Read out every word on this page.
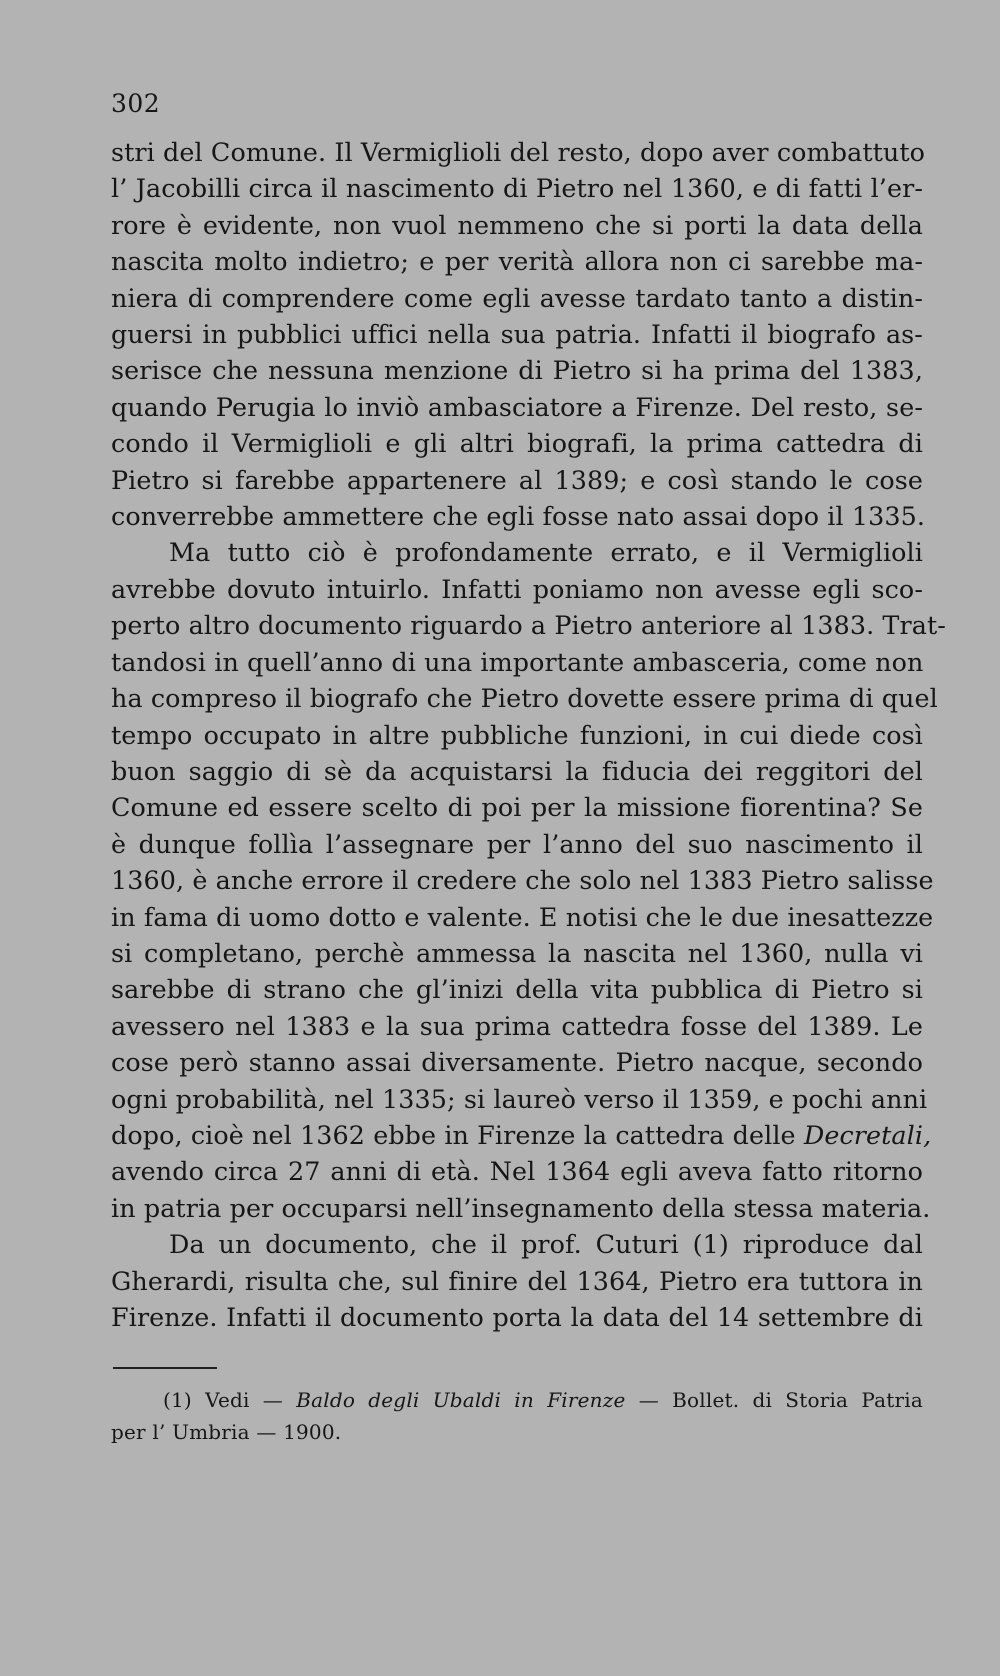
302
stri del Comune. Il Vermiglioli del resto, dopo aver combattuto
l’ Jacobilli circa il nascimento di Pietro nel 1360, e di fatti l’er-
rore è evidente, non vuol nemmeno che si porti la data della
nascita molto indietro; e per verità allora non ci sarebbe ma-
niera di comprendere come egli avesse tardato tanto a distin-
guersi in pubblici uffici nella sua patria. Infatti il biografo as-
serisce che nessuna menzione di Pietro si ha prima del 1383,
quando Perugia lo inviò ambasciatore a Firenze. Del resto, se-
condo il Vermiglioli e gli altri biografi, la prima cattedra di
Pietro si farebbe appartenere al 1389; e così stando le cose
converrebbe ammettere che egli fosse nato assai dopo il 1335.
Ma tutto ciò è profondamente errato, e il Vermiglioli
avrebbe dovuto intuirlo. Infatti poniamo non avesse egli sco-
perto altro documento riguardo a Pietro anteriore al 1383. Trat-
tandosi in quell’anno di una importante ambasceria, come non
ha compreso il biografo che Pietro dovette essere prima di quel
tempo occupato in altre pubbliche funzioni, in cui diede così
buon saggio di sè da acquistarsi la fiducia dei reggitori del
Comune ed essere scelto di poi per la missione fiorentina? Se
è dunque follìa l’assegnare per l’anno del suo nascimento il
1360, è anche errore il credere che solo nel 1383 Pietro salisse
in fama di uomo dotto e valente. E notisi che le due inesattezze
si completano, perchè ammessa la nascita nel 1360, nulla vi
sarebbe di strano che gl’inizi della vita pubblica di Pietro si
avessero nel 1383 e la sua prima cattedra fosse del 1389. Le
cose però stanno assai diversamente. Pietro nacque, secondo
ogni probabilità, nel 1335; si laureò verso il 1359, e pochi anni
dopo, cioè nel 1362 ebbe in Firenze la cattedra delle Decretali,
avendo circa 27 anni di età. Nel 1364 egli aveva fatto ritorno
in patria per occuparsi nell’insegnamento della stessa materia.
Da un documento, che il prof. Cuturi (1) riproduce dal
Gherardi, risulta che, sul finire del 1364, Pietro era tuttora in
Firenze. Infatti il documento porta la data del 14 settembre di
(1) Vedi — Baldo degli Ubaldi in Firenze — Bollet. di Storia Patria
per l’ Umbria — 1900.
